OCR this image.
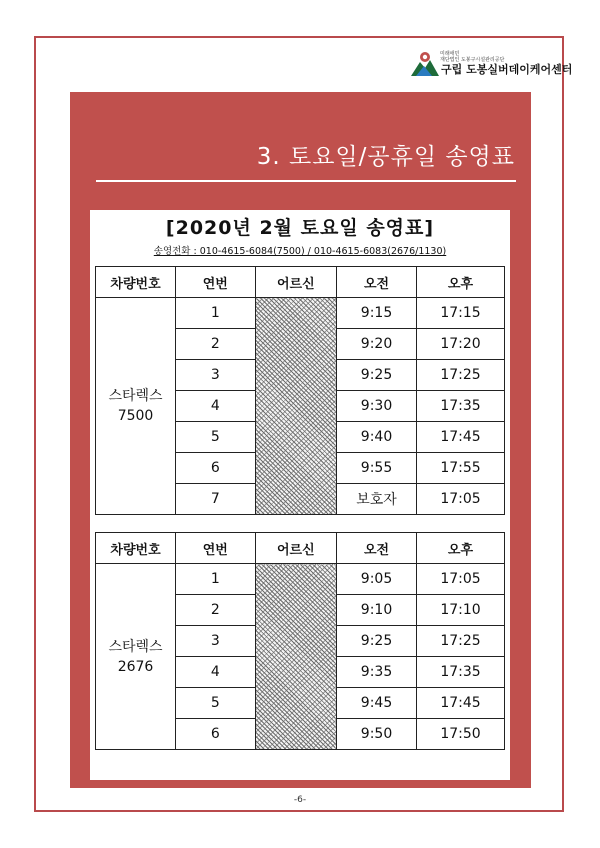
미래애민
재단법인 도봉구시설관리공단
구립 도봉실버데이케어센터
3. 토요일/공휴일 송영표
[2020년 2월 토요일 송영표]
송영전화 : 010-4615-6084(7500) / 010-4615-6083(2676/1130)
차량번호	연번	어르신	오전	오후
스타렉스
7500	1		9:15	17:15
	2		9:20	17:20
	3		9:25	17:25
	4		9:30	17:35
	5		9:40	17:45
	6		9:55	17:55
	7		보호자	17:05
차량번호	연번	어르신	오전	오후
스타렉스
2676	1		9:05	17:05
	2		9:10	17:10
	3		9:25	17:25
	4		9:35	17:35
	5		9:45	17:45
	6		9:50	17:50
-6-
